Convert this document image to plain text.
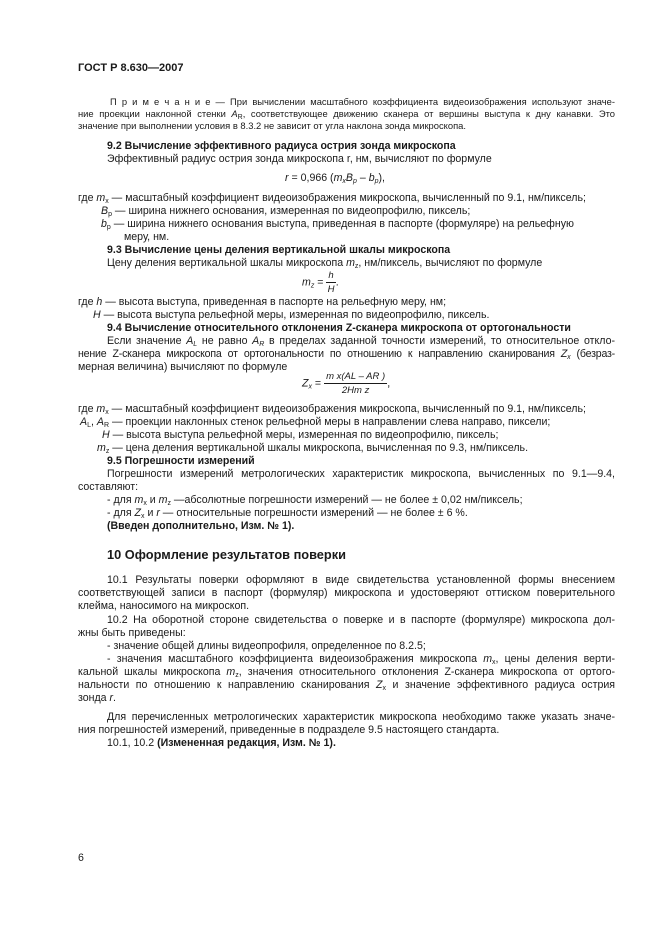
ГОСТ Р 8.630—2007
П р и м е ч а н и е — При вычислении масштабного коэффициента видеоизображения используют значе-
ние проекции наклонной стенки $A_R$, соответствующее движению сканера от вершины выступа к дну канавки. Это
значение при выполнении условия в 8.3.2 не зависит от угла наклона зонда микроскопа.
9.2 Вычисление эффективного радиуса острия зонда микроскопа
Эффективный радиус острия зонда микроскопа r, нм, вычисляют по формуле
r = 0,966 $(m_xB_p - b_p)$,
где $m_x$ — масштабный коэффициент видеоизображения микроскопа, вычисленный по 9.1, нм/пиксель;
$B_p$ — ширина нижнего основания, измеренная по видеопрофилю, пиксель;
$b_p$ — ширина нижнего основания выступа, приведенная в паспорте (формуляре) на рельефную
меру, нм.
9.3 Вычисление цены деления вертикальной шкалы микроскопа
Цену деления вертикальной шкалы микроскопа $m_z$, нм/пиксель, вычисляют по формуле
$m_z = \frac{h}{H}$ .
где h — высота выступа, приведенная в паспорте на рельефную меру, нм;
H — высота выступа рельефной меры, измеренная по видеопрофилю, пиксель.
9.4 Вычисление относительного отклонения Z-сканера микроскопа от ортогональности
Если значение $A_L$ не равно $A_R$ в пределах заданной точности измерений, то относительное откло-
нение Z-сканера микроскопа от ортогональности по отношению к направлению сканирования $Z_x$ (безраз-
мерная величина) вычисляют по формуле
$Z_x = \frac{\text{m x(AL – AR )}}{\text{2Hm z}}$ ,
где $m_x$ — масштабный коэффициент видеоизображения микроскопа, вычисленный по 9.1, нм/пиксель;
$A_L$, $A_R$ — проекции наклонных стенок рельефной меры в направлении слева направо, пиксели;
H — высота выступа рельефной меры, измеренная по видеопрофилю, пиксель;
$m_z$ — цена деления вертикальной шкалы микроскопа, вычисленная по 9.3, нм/пиксель.
9.5 Погрешности измерений
Погрешности измерений метрологических характеристик микроскопа, вычисленных по 9.1—9.4,
составляют:
- для $m_x$ и $m_z$ —абсолютные погрешности измерений — не более ± 0,02 нм/пиксель;
- для $Z_x$ и r — относительные погрешности измерений — не более ± 6 %.
(Введен дополнительно, Изм. № 1).
10 Оформление результатов поверки
10.1 Результаты поверки оформляют в виде свидетельства установленной формы внесением
соответствующей записи в паспорт (формуляр) микроскопа и удостоверяют оттиском поверительного
клейма, наносимого на микроскоп.
10.2 На оборотной стороне свидетельства о поверке и в паспорте (формуляре) микроскопа дол-
жны быть приведены:
- значение общей длины видеопрофиля, определенное по 8.2.5;
- значения масштабного коэффициента видеоизображения микроскопа $m_x$, цены деления верти-
кальной шкалы микроскопа $m_z$, значения относительного отклонения Z-сканера микроскопа от ортого-
нальности по отношению к направлению сканирования $Z_x$ и значение эффективного радиуса острия
зонда r.
Для перечисленных метрологических характеристик микроскопа необходимо также указать значе-
ния погрешностей измерений, приведенные в подразделе 9.5 настоящего стандарта.
10.1, 10.2 (Измененная редакция, Изм. № 1).
6
